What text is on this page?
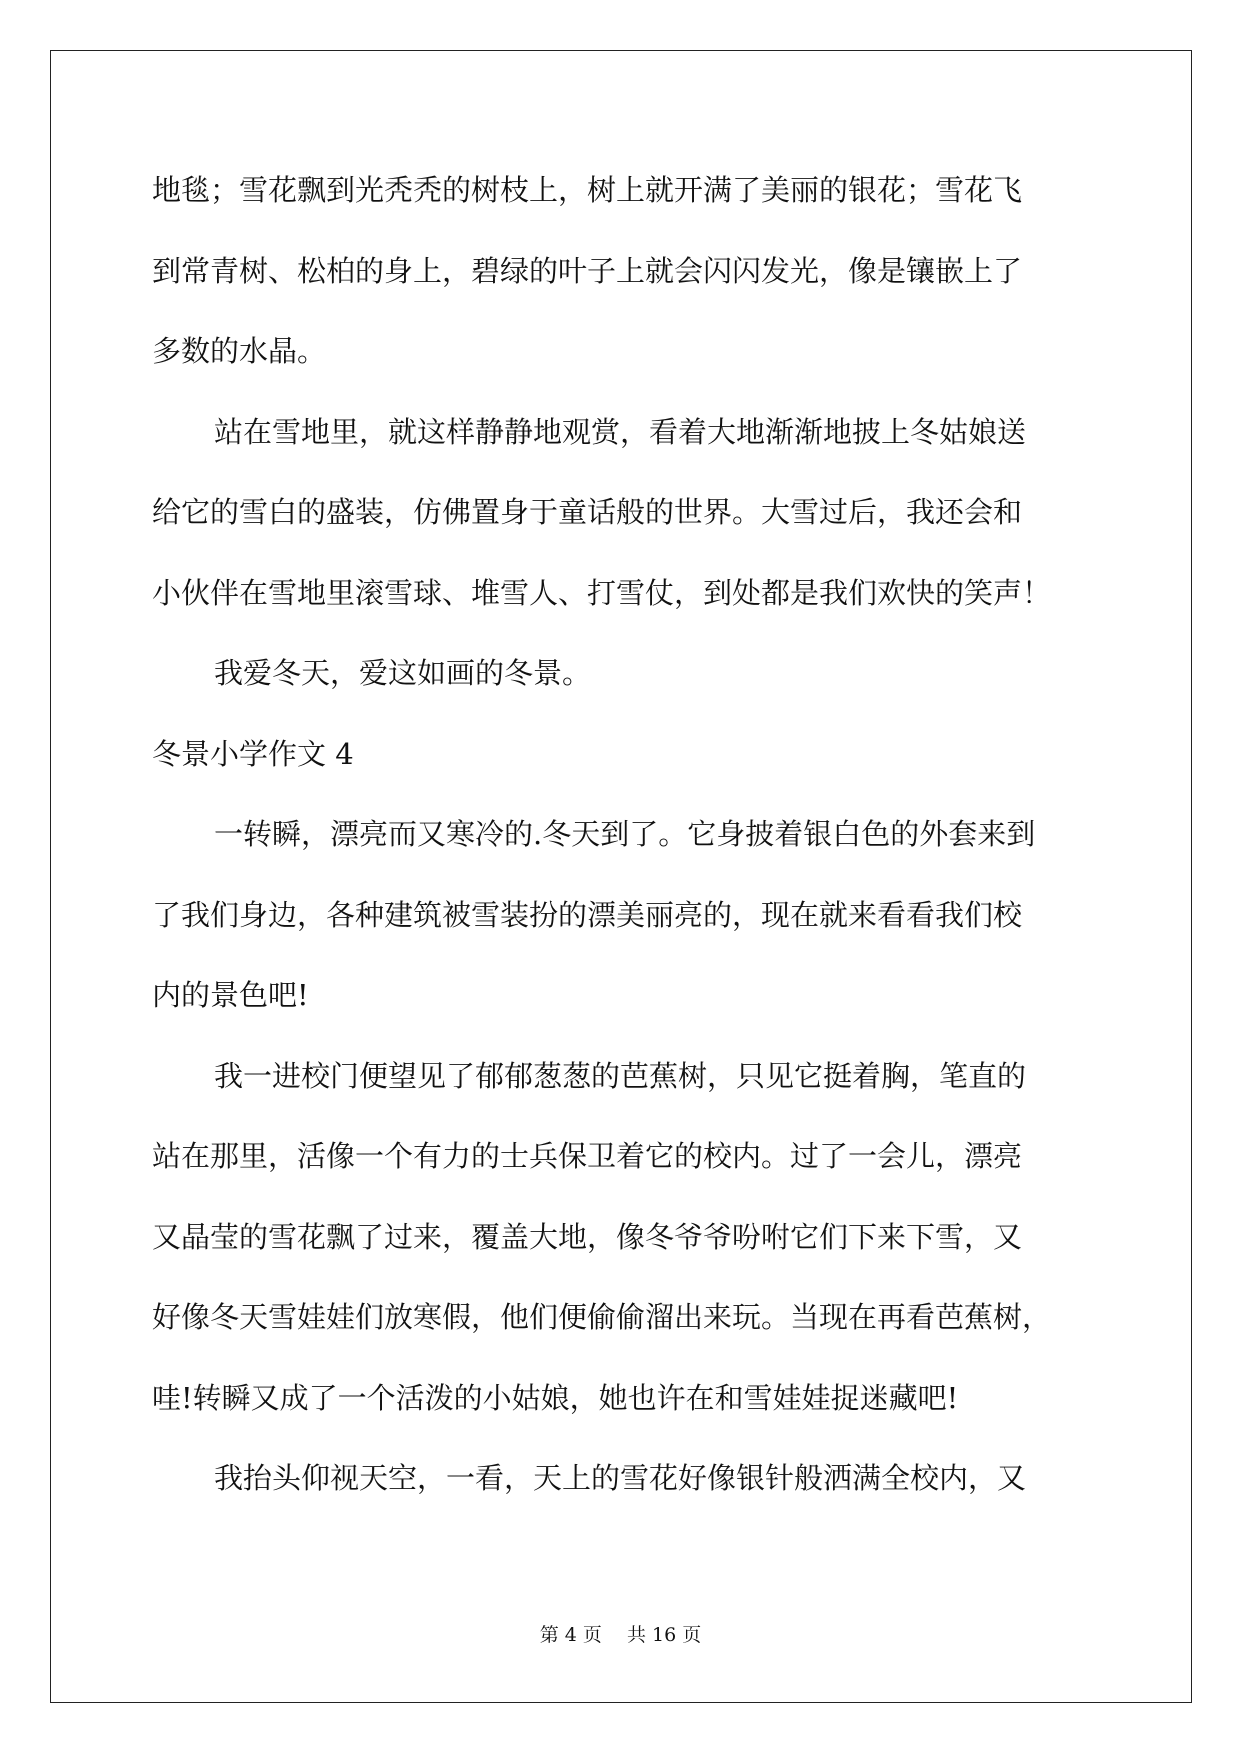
地毯；雪花飘到光秃秃的树枝上，树上就开满了美丽的银花；雪花飞
到常青树、松柏的身上，碧绿的叶子上就会闪闪发光，像是镶嵌上了
多数的水晶。
站在雪地里，就这样静静地观赏，看着大地渐渐地披上冬姑娘送
给它的雪白的盛装，仿佛置身于童话般的世界。大雪过后，我还会和
小伙伴在雪地里滚雪球、堆雪人、打雪仗，到处都是我们欢快的笑声！
我爱冬天，爱这如画的冬景。
冬景小学作文 4
一转瞬，漂亮而又寒冷的.冬天到了。它身披着银白色的外套来到
了我们身边，各种建筑被雪装扮的漂美丽亮的，现在就来看看我们校
内的景色吧!
我一进校门便望见了郁郁葱葱的芭蕉树，只见它挺着胸，笔直的
站在那里，活像一个有力的士兵保卫着它的校内。过了一会儿，漂亮
又晶莹的雪花飘了过来，覆盖大地，像冬爷爷吩咐它们下来下雪，又
好像冬天雪娃娃们放寒假，他们便偷偷溜出来玩。当现在再看芭蕉树，
哇!转瞬又成了一个活泼的小姑娘，她也许在和雪娃娃捉迷藏吧!
我抬头仰视天空，一看，天上的雪花好像银针般洒满全校内，又
第 4 页　 共 16 页
